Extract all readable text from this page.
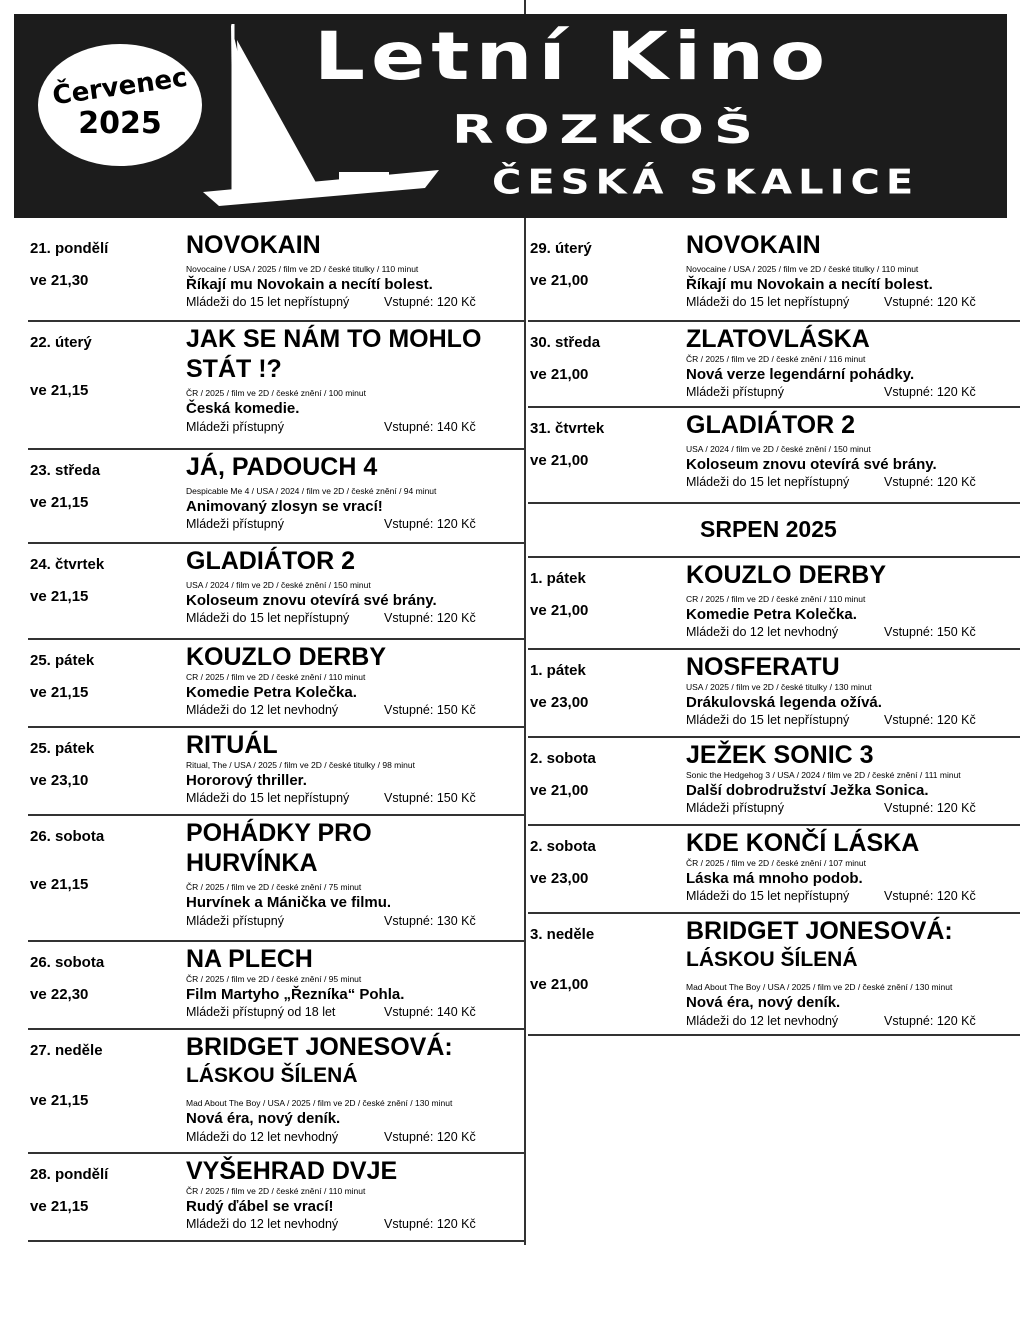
Červenec
2025
Letní Kino
ROZKOŠ
ČESKÁ SKALICE
21. pondělí
ve 21,30
NOVOKAIN
Novocaine / USA / 2025 / film ve 2D / české titulky / 110 minut
Říkají mu Novokain a necítí bolest.
Mládeži do 15 let nepřístupný	Vstupné: 120 Kč
STÁT !?
22. úterý
ve 21,15
JAK SE NÁM TO MOHLO
ČR / 2025 / film ve 2D / české znění / 100 minut
Česká komedie.
Mládeži přístupný	Vstupné: 140 Kč
23. středa
ve 21,15
JÁ, PADOUCH 4
Despicable Me 4 / USA / 2024 / film ve 2D / české znění / 94 minut
Animovaný zlosyn se vrací!
Mládeži přístupný	Vstupné: 120 Kč
24. čtvrtek
ve 21,15
GLADIÁTOR 2
USA / 2024 / film ve 2D / české znění / 150 minut
Koloseum znovu otevírá své brány.
Mládeži do 15 let nepřístupný	Vstupné: 120 Kč
25. pátek
ve 21,15
KOUZLO DERBY
CR / 2025 / film ve 2D / české znění / 110 minut
Komedie Petra Kolečka.
Mládeži do 12 let nevhodný	Vstupné: 150 Kč
25. pátek
ve 23,10
RITUÁL
Ritual, The / USA / 2025 / film ve 2D / české titulky / 98 minut
Hororový thriller.
Mládeži do 15 let nepřístupný	Vstupné: 150 Kč
HURVÍNKA
26. sobota
ve 21,15
POHÁDKY PRO
ČR / 2025 / film ve 2D / české znění / 75 minut
Hurvínek a Mánička ve filmu.
Mládeži přístupný	Vstupné: 130 Kč
26. sobota
ve 22,30
NA PLECH
ČR / 2025 / film ve 2D / české znění / 95 minut
Film Martyho „Řezníka“ Pohla.
Mládeži přístupný od 18 let	Vstupné: 140 Kč
LÁSKOU ŠÍLENÁ
27. neděle
ve 21,15
BRIDGET JONESOVÁ:
Mad About The Boy / USA / 2025 / film ve 2D / české znění / 130 minut
Nová éra, nový deník.
Mládeži do 12 let nevhodný	Vstupné: 120 Kč
28. pondělí
ve 21,15
VYŠEHRAD DVJE
ČR / 2025 / film ve 2D / české znění / 110 minut
Rudý ďábel se vrací!
Mládeži do 12 let nevhodný	Vstupné: 120 Kč
29. úterý
ve 21,00
NOVOKAIN
Novocaine / USA / 2025 / film ve 2D / české titulky / 110 minut
Říkají mu Novokain a necítí bolest.
Mládeži do 15 let nepřístupný	Vstupné: 120 Kč
30. středa
ve 21,00
ZLATOVLÁSKA
ČR / 2025 / film ve 2D / české znění / 116 minut
Nová verze legendární pohádky.
Mládeži přístupný	Vstupné: 120 Kč
31. čtvrtek
ve 21,00
GLADIÁTOR 2
USA / 2024 / film ve 2D / české znění / 150 minut
Koloseum znovu otevírá své brány.
Mládeži do 15 let nepřístupný	Vstupné: 120 Kč
SRPEN 2025
1. pátek
ve 21,00
KOUZLO DERBY
CR / 2025 / film ve 2D / české znění / 110 minut
Komedie Petra Kolečka.
Mládeži do 12 let nevhodný	Vstupné: 150 Kč
1. pátek
ve 23,00
NOSFERATU
USA / 2025 / film ve 2D / české titulky / 130 minut
Drákulovská legenda ožívá.
Mládeži do 15 let nepřístupný	Vstupné: 120 Kč
2. sobota
ve 21,00
JEŽEK SONIC 3
Sonic the Hedgehog 3 / USA / 2024 / film ve 2D / české znění / 111 minut
Další dobrodružství Ježka Sonica.
Mládeži přístupný	Vstupné: 120 Kč
2. sobota
ve 23,00
KDE KONČÍ LÁSKA
ČR / 2025 / film ve 2D / české znění / 107 minut
Láska má mnoho podob.
Mládeži do 15 let nepřístupný	Vstupné: 120 Kč
LÁSKOU ŠÍLENÁ
3. neděle
ve 21,00
BRIDGET JONESOVÁ:
Mad About The Boy / USA / 2025 / film ve 2D / české znění / 130 minut
Nová éra, nový deník.
Mládeži do 12 let nevhodný	Vstupné: 120 Kč
